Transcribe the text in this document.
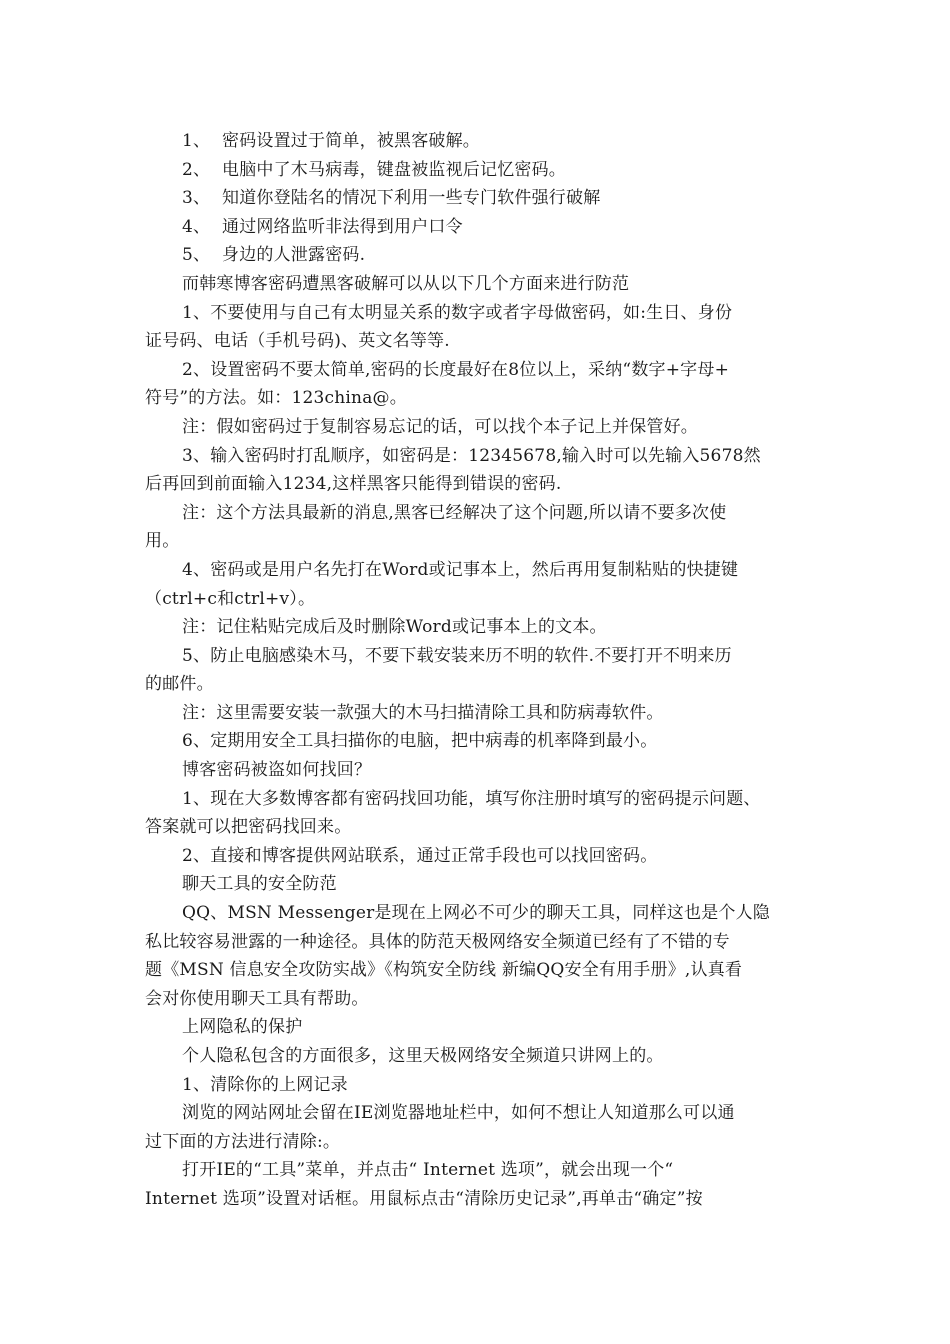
1、 密码设置过于简单，被黑客破解。
2、 电脑中了木马病毒，键盘被监视后记忆密码。
3、 知道你登陆名的情况下利用一些专门软件强行破解
4、 通过网络监听非法得到用户口令
5、 身边的人泄露密码.
而韩寒博客密码遭黑客破解可以从以下几个方面来进行防范
1、不要使用与自己有太明显关系的数字或者字母做密码，如:生日、身份
证号码、电话（手机号码)、英文名等等.
2、设置密码不要太简单,密码的长度最好在8位以上，采纳“数字+字母+
符号”的方法。如：123china@。
注：假如密码过于复制容易忘记的话，可以找个本子记上并保管好。
3、输入密码时打乱顺序，如密码是：12345678,输入时可以先输入5678然
后再回到前面输入1234,这样黑客只能得到错误的密码.
注：这个方法具最新的消息,黑客已经解决了这个问题,所以请不要多次使
用。
4、密码或是用户名先打在Word或记事本上，然后再用复制粘贴的快捷键
（ctrl+c和ctrl+v）。
注：记住粘贴完成后及时删除Word或记事本上的文本。
5、防止电脑感染木马，不要下载安装来历不明的软件.不要打开不明来历
的邮件。
注：这里需要安装一款强大的木马扫描清除工具和防病毒软件。
6、定期用安全工具扫描你的电脑，把中病毒的机率降到最小。
博客密码被盗如何找回？
1、现在大多数博客都有密码找回功能，填写你注册时填写的密码提示问题、
答案就可以把密码找回来。
2、直接和博客提供网站联系，通过正常手段也可以找回密码。
聊天工具的安全防范
QQ、MSN Messenger是现在上网必不可少的聊天工具，同样这也是个人隐
私比较容易泄露的一种途径。具体的防范天极网络安全频道已经有了不错的专
题《MSN 信息安全攻防实战》《构筑安全防线 新编QQ安全有用手册》,认真看
会对你使用聊天工具有帮助。
上网隐私的保护
个人隐私包含的方面很多，这里天极网络安全频道只讲网上的。
1、清除你的上网记录
浏览的网站网址会留在IE浏览器地址栏中，如何不想让人知道那么可以通
过下面的方法进行清除:。
打开IE的“工具”菜单，并点击“ Internet 选项”，就会出现一个“
Internet 选项”设置对话框。用鼠标点击“清除历史记录”,再单击“确定”按
